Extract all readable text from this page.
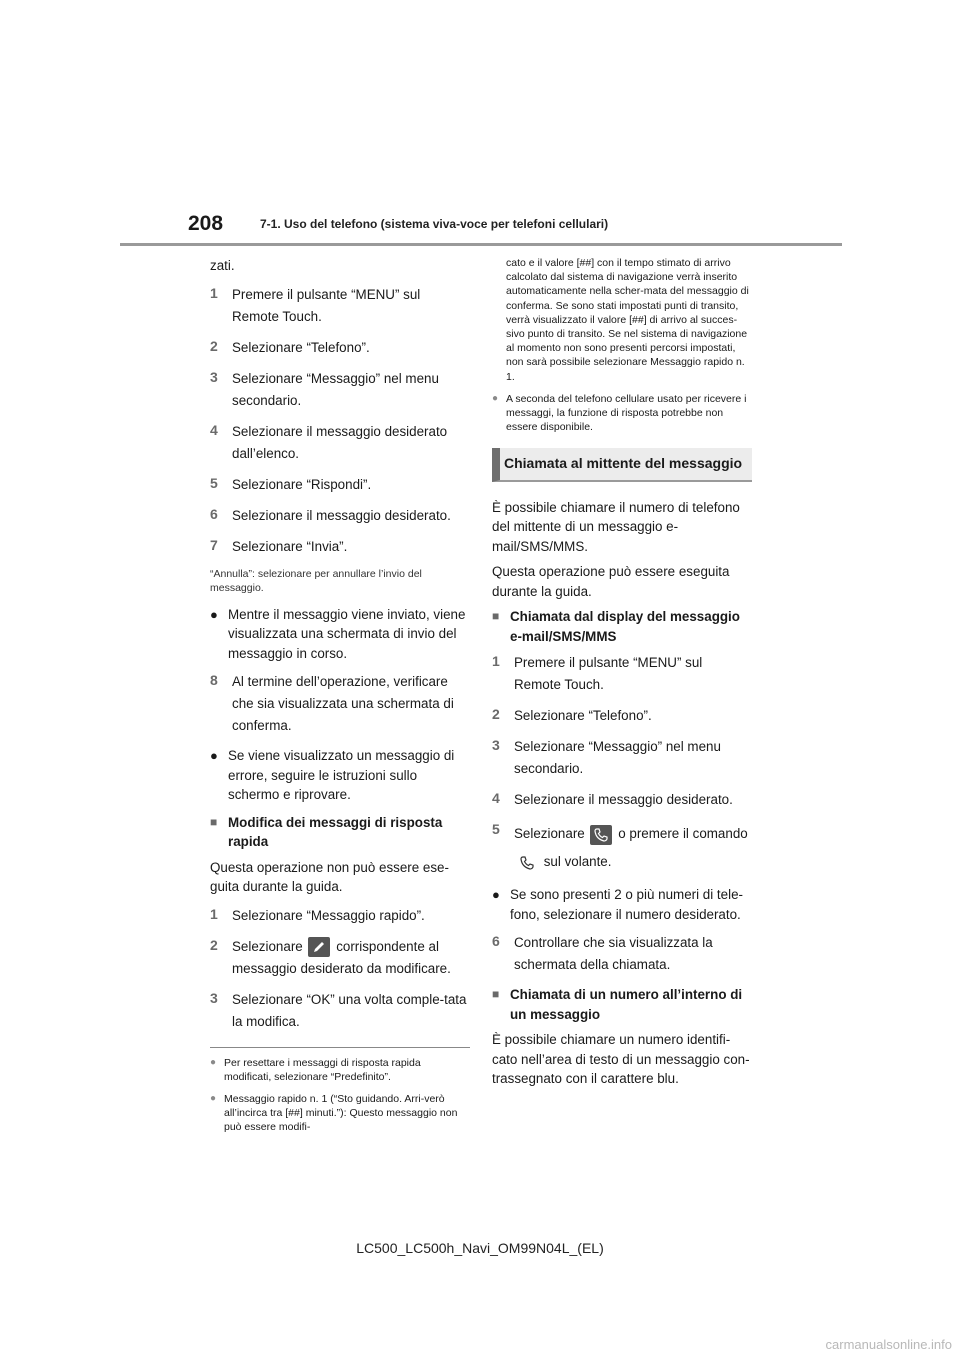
208	7-1. Uso del telefono (sistema viva-voce per telefoni cellulari)

zati.

1	Premere il pulsante “MENU” sul Remote Touch.
2	Selezionare “Telefono”.
3	Selezionare “Messaggio” nel menu secondario.
4	Selezionare il messaggio desiderato dall’elenco.
5	Selezionare “Rispondi”.
6	Selezionare il messaggio desiderato.
7	Selezionare “Invia”.

“Annulla”: selezionare per annullare l’invio del messaggio.

● Mentre il messaggio viene inviato, viene visualizzata una schermata di invio del messaggio in corso.
8	Al termine dell’operazione, verificare che sia visualizzata una schermata di conferma.
● Se viene visualizzato un messaggio di errore, seguire le istruzioni sullo schermo e riprovare.
■ Modifica dei messaggi di risposta rapida

Questa operazione non può essere ese-guita durante la guida.

1	Selezionare “Messaggio rapido”.
2	Selezionare corrispondente al messaggio desiderato da modificare.
3	Selezionare “OK” una volta comple-tata la modifica.
● Per resettare i messaggi di risposta rapida modificati, selezionare “Predefinito”.
● Messaggio rapido n. 1 (“Sto guidando. Arri-verò all’incirca tra [##] minuti.”): Questo messaggio non può essere modifi-
cato e il valore [##] con il tempo stimato di arrivo calcolato dal sistema di navigazione verrà inserito automaticamente nella scher-mata del messaggio di conferma. Se sono stati impostati punti di transito, verrà visualizzato il valore [##] di arrivo al succes-sivo punto di transito. Se nel sistema di navigazione al momento non sono presenti percorsi impostati, non sarà possibile selezionare Messaggio rapido n. 1.
● A seconda del telefono cellulare usato per ricevere i messaggi, la funzione di risposta potrebbe non essere disponibile.
Chiamata al mittente del messaggio

È possibile chiamare il numero di telefono del mittente di un messaggio e-mail/SMS/MMS.

Questa operazione può essere eseguita durante la guida.

■ Chiamata dal display del messaggio e-mail/SMS/MMS
1	Premere il pulsante “MENU” sul Remote Touch.
2	Selezionare “Telefono”.
3	Selezionare “Messaggio” nel menu secondario.
4	Selezionare il messaggio desiderato.
5	Selezionare o premere il comando

sul volante.
● Se sono presenti 2 o più numeri di tele-fono, selezionare il numero desiderato.
6	Controllare che sia visualizzata la schermata della chiamata.
■ Chiamata di un numero all’interno di un messaggio

È possibile chiamare un numero identifi-cato nell’area di testo di un messaggio con-trassegnato con il carattere blu.

LC500_LC500h_Navi_OM99N04L_(EL)
carmanualsonline.info
